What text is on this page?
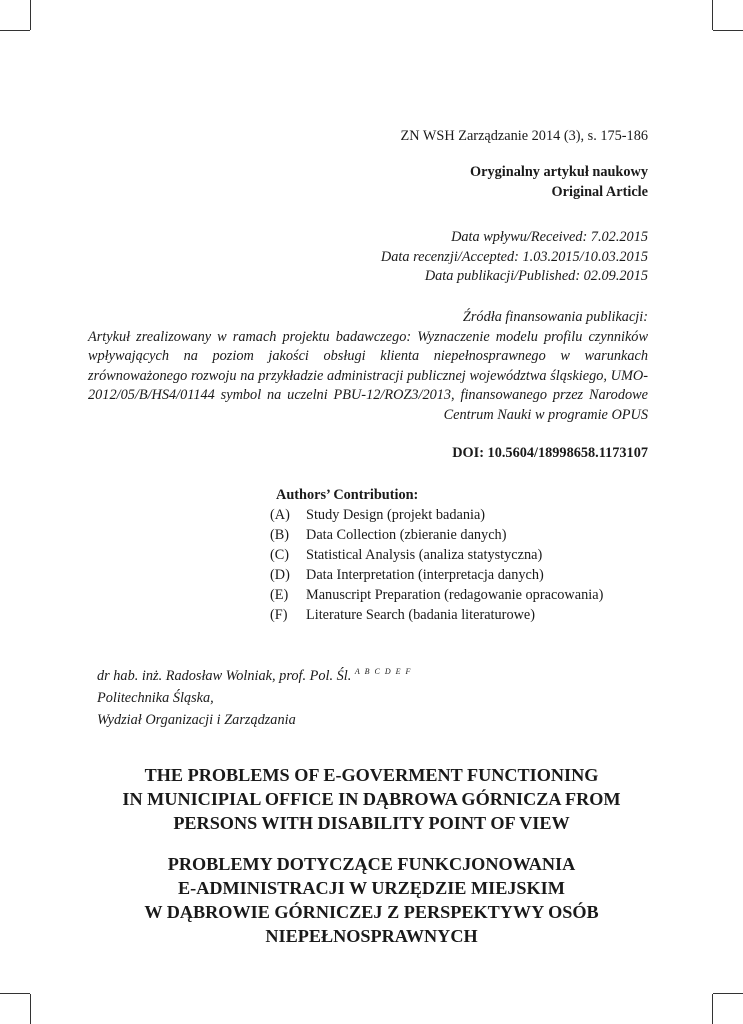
ZN WSH Zarządzanie 2014 (3), s. 175-186
Oryginalny artykuł naukowy
Original Article
Data wpływu/Received: 7.02.2015
Data recenzji/Accepted: 1.03.2015/10.03.2015
Data publikacji/Published: 02.09.2015
Źródła finansowania publikacji:
Artykuł zrealizowany w ramach projektu badawczego: Wyznaczenie modelu profilu czynników wpływających na poziom jakości obsługi klienta niepełnosprawnego w warunkach zrównoważonego rozwoju na przykładzie administracji publicznej województwa śląskiego, UMO-2012/05/B/HS4/01144 symbol na uczelni PBU-12/ROZ3/2013, finansowanego przez Narodowe Centrum Nauki w programie OPUS
DOI: 10.5604/18998658.1173107
Authors’ Contribution:
(A)	Study Design (projekt badania)
(B)	Data Collection (zbieranie danych)
(C)	Statistical Analysis (analiza statystyczna)
(D)	Data Interpretation (interpretacja danych)
(E)	Manuscript Preparation (redagowanie opracowania)
(F)	Literature Search (badania literaturowe)
dr hab. inż. Radosław Wolniak, prof. Pol. Śl. $^{A B C D E F}$
Politechnika Śląska,
Wydział Organizacji i Zarządzania
THE PROBLEMS OF E-GOVERMENT FUNCTIONING
IN MUNICIPIAL OFFICE IN DĄBROWA GÓRNICZA FROM
PERSONS WITH DISABILITY POINT OF VIEW
PROBLEMY DOTYCZĄCE FUNKCJONOWANIA
E-ADMINISTRACJI W URZĘDZIE MIEJSKIM
W DĄBROWIE GÓRNICZEJ Z PERSPEKTYWY OSÓB
NIEPEŁNOSPRAWNYCH
